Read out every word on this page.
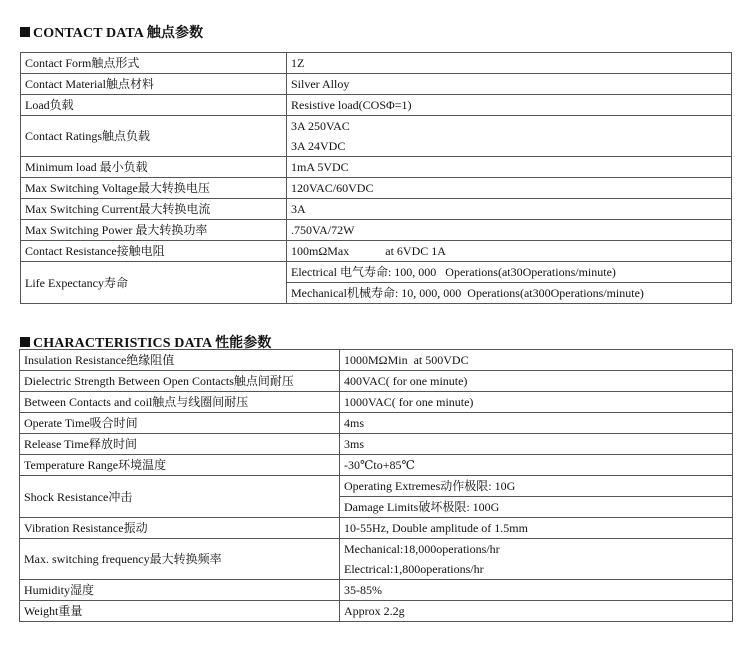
CONTACT DATA 触点参数
Contact Form触点形式	1Z
Contact Material触点材料	Silver Alloy
Load负载	Resistive load(COSΦ=1)
Contact Ratings触点负载	3A 250VAC
	3A 24VDC
Minimum load 最小负载	1mA 5VDC
Max Switching Voltage最大转换电压	120VAC/60VDC
Max Switching Current最大转换电流	3A
Max Switching Power 最大转换功率	.750VA/72W
Contact Resistance接触电阻	100mΩMax at 6VDC 1A
Life Expectancy寿命	Electrical 电气寿命: 100, 000   Operations(at30Operations/minute)
	Mechanical机械寿命: 10, 000, 000  Operations(at300Operations/minute)
CHARACTERISTICS DATA 性能参数
Insulation Resistance绝缘阻值	1000MΩMin  at 500VDC
Dielectric Strength Between Open Contacts触点间耐压	400VAC( for one minute)
Between Contacts and coil触点与线圈间耐压	1000VAC( for one minute)
Operate Time吸合时间	4ms
Release Time释放时间	3ms
Temperature Range环境温度	-30℃to+85℃
Shock Resistance冲击	Operating Extremes动作极限: 10G
	Damage Limits破坏极限: 100G
Vibration Resistance振动	10-55Hz, Double amplitude of 1.5mm
Max. switching frequency最大转换频率	Mechanical:18,000operations/hr
	Electrical:1,800operations/hr
Humidity湿度	35-85%
Weight重量	Approx 2.2g
